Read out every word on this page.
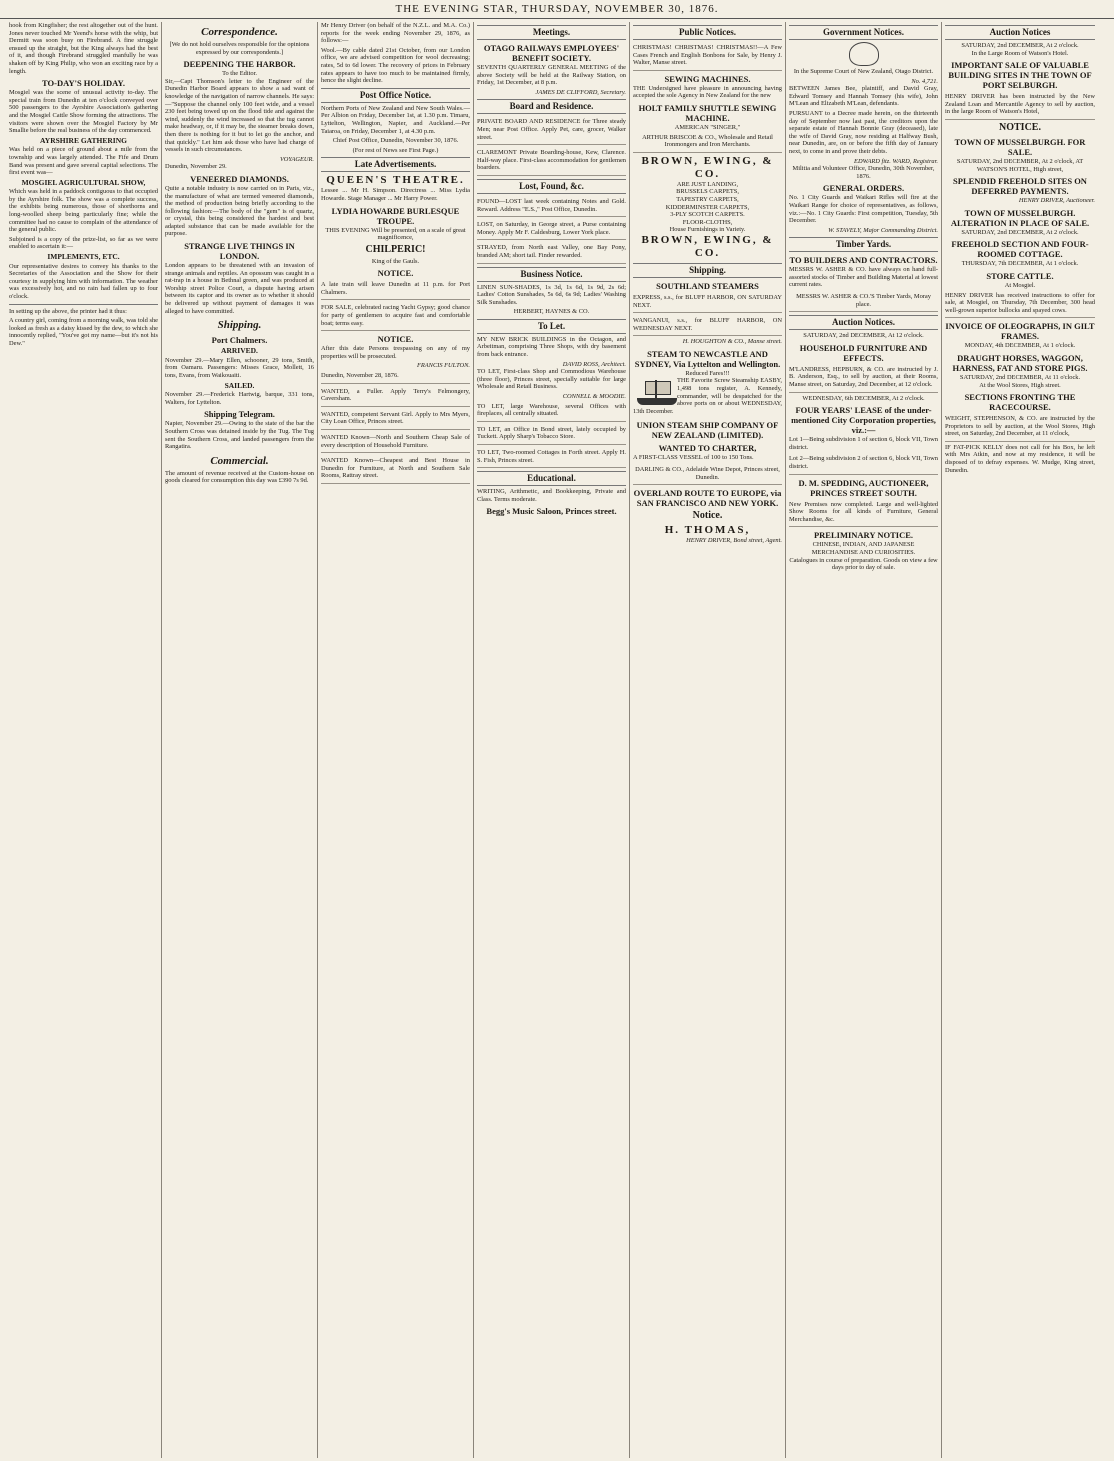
THE EVENING STAR, THURSDAY, NOVEMBER 30, 1876.

hook from Kingfisher; the rest altogether out of the hunt. Jones never touched Mr Yeend's horse with the whip, but Dermitt was soon busy on Firebrand. A fine struggle ensued up the straight, but the King always had the best of it, and though Firebrand struggled manfully he was shaken off by King Philip, who won an exciting race by a length.

TO-DAY'S HOLIDAY.

Mosgiel was the scene of unusual activity to-day. The special train from Dunedin at ten o'clock conveyed over 500 passengers to the Ayrshire Association's gathering and the Mosgiel Cattle Show forming the attractions. The visitors were shown over the Mosgiel Factory by Mr Smallie before the real business of the day commenced.

AYRSHIRE GATHERING

Was held on a piece of ground about a mile from the township and was largely attended. The Fife and Drum Band was present and gave several capital selections. The first event was—

MOSGIEL AGRICULTURAL SHOW,

Which was held in a paddock contiguous to that occupied by the Ayrshire folk. The show was a complete success, the exhibits being numerous, those of shorthorns and long-woolled sheep being particularly fine; while the committee had no cause to complain of the attendance of the general public.

Subjoined is a copy of the prize-list, so far as we were enabled to ascertain it:—

IMPLEMENTS, ETC.

Our representative desires to convey his thanks to the Secretaries of the Association and the Show for their courtesy in supplying him with information. The weather was excessively hot, and no rain had fallen up to four o'clock.

In setting up the above, the printer had it thus:

A country girl, coming from a morning walk, was told she looked as fresh as a daisy kissed by the dew, to which she innocently replied, "You've got my name—but it's not his Dew."

Correspondence.

[We do not hold ourselves responsible for the opinions expressed by our correspondents.]

DEEPENING THE HARBOR.
To the Editor.

Sir,—Capt Thomson's letter to the Engineer of the Dunedin Harbor Board appears to show a sad want of knowledge of the navigation of narrow channels. He says:—"Suppose the channel only 100 feet wide, and a vessel 230 feet being towed up on the flood tide and against the wind, suddenly the wind increased so that the tug cannot make headway, or, if it may be, the steamer breaks down, then there is nothing for it but to let go the anchor, and that quickly." Let him ask those who have had charge of vessels in such circumstances.

VOYAGEUR.

Dunedin, November 29.

VENEERED DIAMONDS.

Quite a notable industry is now carried on in Paris, viz., the manufacture of what are termed veneered diamonds, the method of production being briefly according to the following fashion:—The body of the "gem" is of quartz, or crystal, this being considered the hardest and best adapted substance that can be made available for the purpose.

STRANGE LIVE THINGS IN LONDON.

London appears to be threatened with an invasion of strange animals and reptiles. An opossum was caught in a rat-trap in a house in Bethnal green, and was produced at Worship street Police Court, a dispute having arisen between its captor and its owner as to whether it should be delivered up without payment of damages it was alleged to have committed.

Shipping.
Port Chalmers.
ARRIVED.

November 29.—Mary Ellen, schooner, 29 tons, Smith, from Oamaru. Passengers: Misses Grace, Mollett, 16 tons, Evans, from Waikouaiti.

SAILED.

November 29.—Frederick Hartwig, barque, 331 tons, Walters, for Lyttelton.

Shipping Telegram.

Napier, November 29.—Owing to the state of the bar the Southern Cross was detained inside by the Tug. The Tug sent the Southern Cross, and landed passengers from the Rangatira.

Commercial.

The amount of revenue received at the Custom-house on goods cleared for consumption this day was £390 7s 9d.

Mr Henry Driver (on behalf of the N.Z.L. and M.A. Co.) reports for the week ending November 29, 1876, as follows:—

Wool.—By cable dated 21st October, from our London office, we are advised competition for wool decreasing; rates, 5d to 6d lower. The recovery of prices in February rates appears to have too much to be maintained firmly, hence the slight decline.

Post Office Notice.

Northern Ports of New Zealand and New South Wales.—Per Albion on Friday, December 1st, at 1.30 p.m. Timaru, Lyttelton, Wellington, Napier, and Auckland.—Per Taiaroa, on Friday, December 1, at 4.30 p.m.

Chief Post Office, Dunedin, November 30, 1876.

(For rest of News see First Page.)

Late Advertisements.
QUEEN'S THEATRE.

Lessee ... Mr H. Simpson. Directress ... Miss Lydia Howarde. Stage Manager ... Mr Harry Power.

LYDIA HOWARDE BURLESQUE TROUPE.

THIS EVENING Will be presented, on a scale of great magnificence,

CHILPERIC!
King of the Gauls.
NOTICE.

A late train will leave Dunedin at 11 p.m. for Port Chalmers.

FOR SALE, celebrated racing Yacht Gypsy; good chance for party of gentlemen to acquire fast and comfortable boat; terms easy.

NOTICE.

After this date Persons trespassing on any of my properties will be prosecuted.

FRANCIS FULTON.

Dunedin, November 28, 1876.

WANTED, a Fuller. Apply Terry's Felmongery, Caversham.

WANTED, competent Servant Girl. Apply to Mrs Myers, City Loan Office, Princes street.

WANTED Known—North and Southern Cheap Sale of every description of Household Furniture.

WANTED Known—Cheapest and Best House in Dunedin for Furniture, at North and Southern Sale Rooms, Rattray street.

Meetings.
OTAGO RAILWAYS EMPLOYEES' BENEFIT SOCIETY.

SEVENTH QUARTERLY GENERAL MEETING of the above Society will be held at the Railway Station, on Friday, 1st December, at 8 p.m.

JAMES DE CLIFFORD, Secretary.
Board and Residence.

PRIVATE BOARD AND RESIDENCE for Three steady Men; near Post Office. Apply Pet, care, grocer, Walker street.

CLAREMONT Private Boarding-house, Kew, Clarence. Half-way place. First-class accommodation for gentlemen boarders.

Lost, Found, &c.

FOUND—LOST last week containing Notes and Gold. Reward. Address "E.S.," Post Office, Dunedin.

LOST, on Saturday, in George street, a Purse containing Money. Apply Mr F. Caldesburg, Lower York place.

STRAYED, from North east Valley, one Bay Pony, branded AM; short tail. Finder rewarded.

Business Notice.

LINEN SUN-SHADES, 1s 3d, 1s 6d, 1s 9d, 2s 6d; Ladies' Cotton Sunshades, 5s 6d, 6s 9d; Ladies' Washing Silk Sunshades.

HERBERT, HAYNES & CO.
To Let.

MY NEW BRICK BUILDINGS in the Octagon, and Arbeitman, comprising Three Shops, with dry basement from back entrance.

DAVID ROSS, Architect.

TO LET, First-class Shop and Commodious Warehouse (three floor), Princes street, specially suitable for large Wholesale and Retail Business.

CONNELL & MOODIE.

TO LET, large Warehouse, several Offices with fireplaces, all centrally situated.

TO LET, an Office in Bond street, lately occupied by Tuckett. Apply Sharp's Tobacco Store.

TO LET, Two-roomed Cottages in Forth street. Apply H. S. Fish, Princes street.

Educational.

WRITING, Arithmetic, and Bookkeeping, Private and Class. Terms moderate.

Begg's Music Saloon, Princes street.
Public Notices.

CHRISTMAS! CHRISTMAS! CHRISTMAS!!—A Few Cases French and English Bonbons for Sale, by Henry J. Walter, Manse street.

SEWING MACHINES.

THE Undersigned have pleasure in announcing having accepted the sole Agency in New Zealand for the new

HOLT FAMILY SHUTTLE SEWING MACHINE.
AMERICAN "SINGER,"

ARTHUR BRISCOE & CO., Wholesale and Retail Ironmongers and Iron Merchants.

BROWN, EWING, & CO.
ARE JUST LANDING,
BRUSSELS CARPETS,
TAPESTRY CARPETS,
KIDDERMINSTER CARPETS,
3-PLY SCOTCH CARPETS.
FLOOR-CLOTHS,
House Furnishings in Variety.
BROWN, EWING, & CO.
Shipping.
SOUTHLAND STEAMERS

EXPRESS, s.s., for BLUFF HARBOR, ON SATURDAY NEXT.

WANGANUI, s.s., for BLUFF HARBOR, ON WEDNESDAY NEXT.

H. HOUGHTON & CO., Manse street.
STEAM TO NEWCASTLE AND SYDNEY, Via Lyttelton and Wellington.
Reduced Fares!!!

THE Favorite Screw Steamship EASBY, 1,498 tons register, A. Kennedy, commander, will be despatched for the above ports on or about WEDNESDAY, 13th December.

UNION STEAM SHIP COMPANY OF NEW ZEALAND (LIMITED).
WANTED TO CHARTER,

A FIRST-CLASS VESSEL of 100 to 150 Tons.

DARLING & CO., Adelaide Wine Depot, Princes street, Dunedin.

OVERLAND ROUTE TO EUROPE, via SAN FRANCISCO AND NEW YORK.
Notice.
H. THOMAS,
HENRY DRIVER, Bond street, Agent.
Government Notices.

In the Supreme Court of New Zealand, Otago District.

No. 4,721.

BETWEEN James Bee, plaintiff, and David Gray, Edward Tomsey and Hannah Tomsey (his wife), John M'Lean and Elizabeth M'Lean, defendants.

PURSUANT to a Decree made herein, on the thirteenth day of September now last past, the creditors upon the separate estate of Hannah Bonnie Gray (deceased), late the wife of David Gray, now residing at Halfway Bush, near Dunedin, are, on or before the fifth day of January next, to come in and prove their debts.

EDWARD fitz. WARD, Registrar.

Militia and Volunteer Office, Dunedin, 30th November, 1876.

GENERAL ORDERS.

No. 1 City Guards and Waikari Rifles will fire at the Waikari Range for choice of representatives, as follows, viz.:—No. 1 City Guards: First competition, Tuesday, 5th December.

W. STAVELY, Major Commanding District.
Timber Yards.
TO BUILDERS AND CONTRACTORS.

MESSRS W. ASHER & CO. have always on hand full-assorted stocks of Timber and Building Material at lowest current rates.

MESSRS W. ASHER & CO.'S Timber Yards, Moray place.

Auction Notices.
SATURDAY, 2nd DECEMBER, At 12 o'clock.
HOUSEHOLD FURNITURE AND EFFECTS.

M'LANDRESS, HEPBURN, & CO. are instructed by J. B. Anderson, Esq., to sell by auction, at their Rooms, Manse street, on Saturday, 2nd December, at 12 o'clock.

WEDNESDAY, 6th DECEMBER, At 2 o'clock.
FOUR YEARS' LEASE of the under-mentioned City Corporation properties, viz.:—

Lot 1—Being subdivision 1 of section 6, block VII, Town district.

Lot 2—Being subdivision 2 of section 6, block VII, Town district.

D. M. SPEDDING, AUCTIONEER, PRINCES STREET SOUTH.

New Premises now completed. Large and well-lighted Show Rooms for all kinds of Furniture, General Merchandise, &c.

PRELIMINARY NOTICE.
CHINESE, INDIAN, AND JAPANESE MERCHANDISE AND CURIOSITIES.

Catalogues in course of preparation. Goods on view a few days prior to day of sale.

Auction Notices
SATURDAY, 2nd DECEMBER, At 2 o'clock.
In the Large Room of Watson's Hotel.
IMPORTANT SALE OF VALUABLE BUILDING SITES IN THE TOWN OF PORT SELBURGH.

HENRY DRIVER has been instructed by the New Zealand Loan and Mercantile Agency to sell by auction, in the large Room of Watson's Hotel,

NOTICE.
TOWN OF MUSSELBURGH. FOR SALE.
SATURDAY, 2nd DECEMBER, At 2 o'clock, AT WATSON'S HOTEL, High street,
SPLENDID FREEHOLD SITES ON DEFERRED PAYMENTS.
HENRY DRIVER, Auctioneer.
TOWN OF MUSSELBURGH. ALTERATION IN PLACE OF SALE.
SATURDAY, 2nd DECEMBER, At 2 o'clock.
FREEHOLD SECTION AND FOUR-ROOMED COTTAGE.
THURSDAY, 7th DECEMBER, At 1 o'clock.
STORE CATTLE.
At Mosgiel.

HENRY DRIVER has received instructions to offer for sale, at Mosgiel, on Thursday, 7th December, 300 head well-grown superior bullocks and spayed cows.

INVOICE OF OLEOGRAPHS, IN GILT FRAMES.
MONDAY, 4th DECEMBER, At 1 o'clock.
DRAUGHT HORSES, WAGGON, HARNESS, FAT AND STORE PIGS.
SATURDAY, 2nd DECEMBER, At 11 o'clock.
At the Wool Stores, High street.
SECTIONS FRONTING THE RACECOURSE.

WEIGHT, STEPHENSON, & CO. are instructed by the Proprietors to sell by auction, at the Wool Stores, High street, on Saturday, 2nd December, at 11 o'clock,

IF FAT-PICK KELLY does not call for his Box, he left with Mrs Atkin, and now at my residence, it will be disposed of to defray expenses. W. Mudge, King street, Dunedin.
